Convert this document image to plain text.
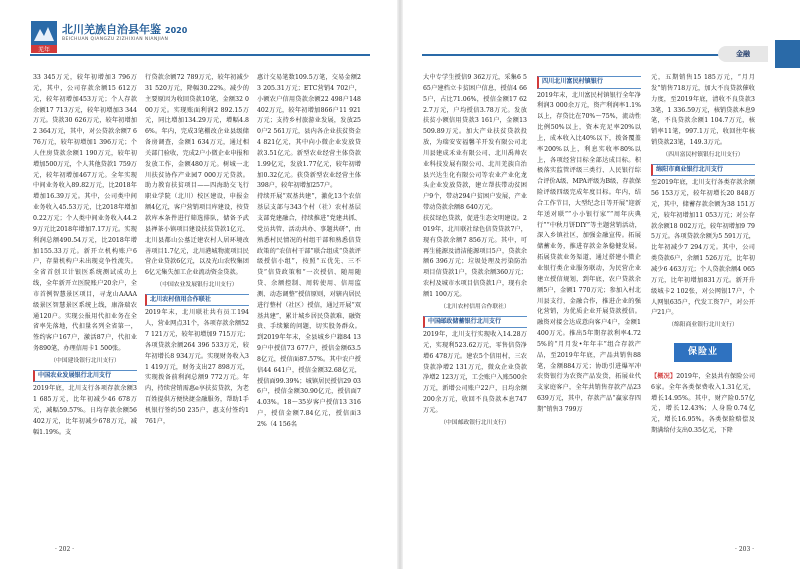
羌年
北川羌族自治县年鉴 2020
BEICHUAN QIANGZU ZIZHIXIAN NIANJIAN

33 345万元，较年初增加3 796万元，其中，公司存款余额15 612万元，较年初增加453万元；个人存款余额17 713万元，较年初增加3 344万元。贷款30 626万元，较年初增加2 364万元，其中，对公贷款余额7 676万元，较年初增加1 396万元；个人住房贷款余额1 190万元，较年初增加500万元，个人其他贷款1 759万元，较年初增加467万元。全年实现中间业务收入89.82万元，比2018年增加16.39万元。其中，公司类中间业务收入45.53万元，比2018年增加0.22万元；个人类中间业务收入44.29万元比2018年增加7.17万元。实现利润总额490.54万元，比2018年增加155.33万元。新开立机构账户6户，存量机构户未出现竞争性流失。全省首创卫计银医系统测试成功上线，全年新开立医院账户20余户，全市首例智慧景区项目，寻龙山AAAA级景区智慧景区系统上线，康洛瑞农通120户。实现公报用代扣业务在全省率先落地，代扣量名列全省第一，签约客户167户，激活87户，代扣业务890笔，办理信用卡1 500张。

（中国建设银行北川支行）
中国农业发展银行北川支行

2019年底，北川支行各项存款余额31 685万元，比年初减少46 678万元，减幅59.57%。日均存款余额56 402万元，比年初减少678万元，减幅1.19%。支

行贷款余额72 789万元，较年初减少31 520万元，降幅30.22%。减少的主要原因为收回贷款10笔，金额32 000万元。实现账面利润2 892.15万元，同比增加134.29万元，增幅4.86%。年内，完成3笔棚改企业县级储备房调查，金额1 634万元，通过相关部门验收，完成2户小微企业申报和发放工作，金额480万元。树城一北川扶贫协作产业园7 000万元贷款。助力教育扶贫项目——四海助交飞行职业学院（北川）校区建设，申报金额4亿元，客户营销项目库建设，按贷款库本条件进行筛选排队，储备予武县禅茶小镇项目建设扶贫贷款1亿元、北川县都山公墓迁建农村人居环境改善项目1.7亿元，北川港城物流项目民营企业贷款6亿元，以及光山农牧集团6亿元集失加工企业流动资金贷款。

（中国农业发展银行北川支行）
北川农村信用合作联社

2019年末，北川联社共有员工194人，营业网点31个，各项存款余额527 121万元，较年初增加9 715万元；各项贷款余额264 396 533万元，较年初增长8 934万元。实现财务收入31 419万元，财务支出27 898万元，实现拨备前利润总额9 772万元。年内，持续营销需惠e享扶贫贷款，为老百姓提供方便快捷金融服务，帮助1手机银行签约50 235户，惠支付签约1 761户，

惠计交易笔数109.5万笔，交易金额23 205.31万元；ETC营销4 702户，小额农户信用贷款余额22 498户148 402万元，较年初增加866户11 921万元；支持乡村旅游业发展，发放250户2 561万元，县内各企业扶贫资金4 821亿元，其中向小微企业发放贷款3.51亿元。新型农业经营主体贷款1.99亿元，发放1.77亿元，较年初增加0.32亿元。获贷新型农业经营主体398户，较年初增加257户。

持续开展“双基共建”，激化13个农信基层支部与343个村（社）农村基层支部党建融合，持续推进“党建共抓、党员共管、活动共办、事题共研”，由熟悉村民情况的村组干部和熟悉信贷政策的“农信村干部”联合组成“贷款评级授信小组”，按照“五优先、三不贷”信贷政策和“一次授信、随用随贷、余额控制、周转使用、信用监测、动态调整”授信原则，对辖内居民进行整村（社区）授信，通过开展“双基共建”，累计城乡居民贷款难、融资贵、手续繁的问题，切实股务群众。到2019年年末，全县城乡户籍84 139户中授信73 677户，授信金额63.58亿元，授信面87.57%。其中农户授信44 641户，授信金额32.68亿元，授信面99.39%；城镇居民授信29 036户，授信金额30.90亿元，授信面74.03%。18～35岁客户授信13 316户，授信金额7.84亿元，授信面32%（4 156名

· 202 ·
金融

大中专学生授信9 362万元，采集6 565户建档立卡贫困户信息，授信4 665户，占比71.06%，授信金额17 622.7万元，户均授信3.78万元。发放扶贫小额信用贷款3 161户，金额13 509.89万元。加大产业扶贫贷款投放，为瑞安安福馨羊开发有限公司北川县建成禾业有限公司、北川禹帅农业科技发展有限公司、北川羌族自治县兴达生化有限公司等农业产业化龙头企业发放贷款，建立帮扶带动贫困户9个，带动294户贫困户发展，产业带动贷款余额8 640万元。

扶贫绿色贷款，促进生态文明建设。2019年，北川联社绿色信贷贷款7户，现有贷款余额7 856万元。其中，可再生能源及清洁能源项目5户，贷款余额6 396万元；垃圾处理及污染防治项目信贷款1户，贷款余额360万元；农村及城市水项目信贷款1户，现有余额1 100万元。

（北川农村信用合作联社）
中国邮政储蓄银行北川支行

2019年，北川支行实现收入14.28万元，实现利523.62万元，零售信贷净增6 478万元。建农5个信用村，三农贷款净增2 131万元，微众企业贷款净增2 123万元，工会账户入账500余万元，新增公司账户22户，日均余额200余万元，收回不良贷款本息747万元。

（中国邮政银行北川支行）
四川北川富民村镇银行

2019年末，北川富民村镇银行全年净利润3 000余万元，资产利润率1.1%以上，存贷比在70%～75%，流动性比例50%以上，资本充足率20%以上，成本收入比40%以下，拨备覆盖率200%以上，利息实收率80%以上，各项经营目标全部达成目标。积极落实监管评级三类行、人民银行综合评价A级、MPA评级为B级，存款保险评级四级完成年度目标。年内，结合工作节目，大型纪念日等开展“迎新年送对联”“小小银行家”“周年庆典行”“中秋月饼DIY”等主题营销活动，深入乡镇社区，加强金融宣传。拓展储蓄业务，推进存款金条稳健发展。拓展贷款业务渠道，通过搭建小微企业银行类企业服务联动，为民营企业建立授信规划，到年底，农户贷款余额5户，金额1 770万元；参加入村北川县支行，金融合作，推进企业的强化营销，为优质企业开展贷款授信。融资对接会达成意向客户4户，金额1 400万元。推出5年期存款利率4.725%的“月月发•年年丰”组合存款产品，至2019年年底，产品共销售88笔，金额884万元；协助引进爆军冲农资银行为农资产品发货，拓展业代支家庭客户，全年共销售存款产品23 639万元，其中，存款产品“赢家存四期”销售3 799万

元，五期销售15 185万元，“月月发”销售718万元，加大不良贷款催收力度，至2019年底，清收不良贷款33笔，1 336.59万元，核销贷款本息9笔，不良贷款余额1 104.7万元，核销率11笔，997.1万元，收回往年核销贷款23笔，149.3万元。

（四川富民村镇银行北川支行）
绵阳市商业银行北川支行

至2019年底，北川支行各类存款余额56 153万元，较年初增长20 848万元，其中，储蓄存款余额为38 151万元，较年初增加11 053万元；对公存款余额18 002万元，较年初增加9 795万元。各项贷款余额为5 591万元，比年初减少7 294万元。其中，公司类贷款6户，余额1 526万元，比年初减少6 463万元；个人贷款余额4 065万元，比年初增加831万元。新开升级城卡2 102张，对公网银17户，个人网银635户，代发工资7户，对公开户21户。

（绵阳商业银行北川支行）
保险业

【概况】2019年，全县共有保险公司6家。全年各类保费收入1.31亿元，增长14.95%。其中，财产险0.57亿元，增长12.43%；人身险0.74亿元，增长16.95%。各类保险赔偿及期满给付支出0.35亿元，下降

· 203 ·
